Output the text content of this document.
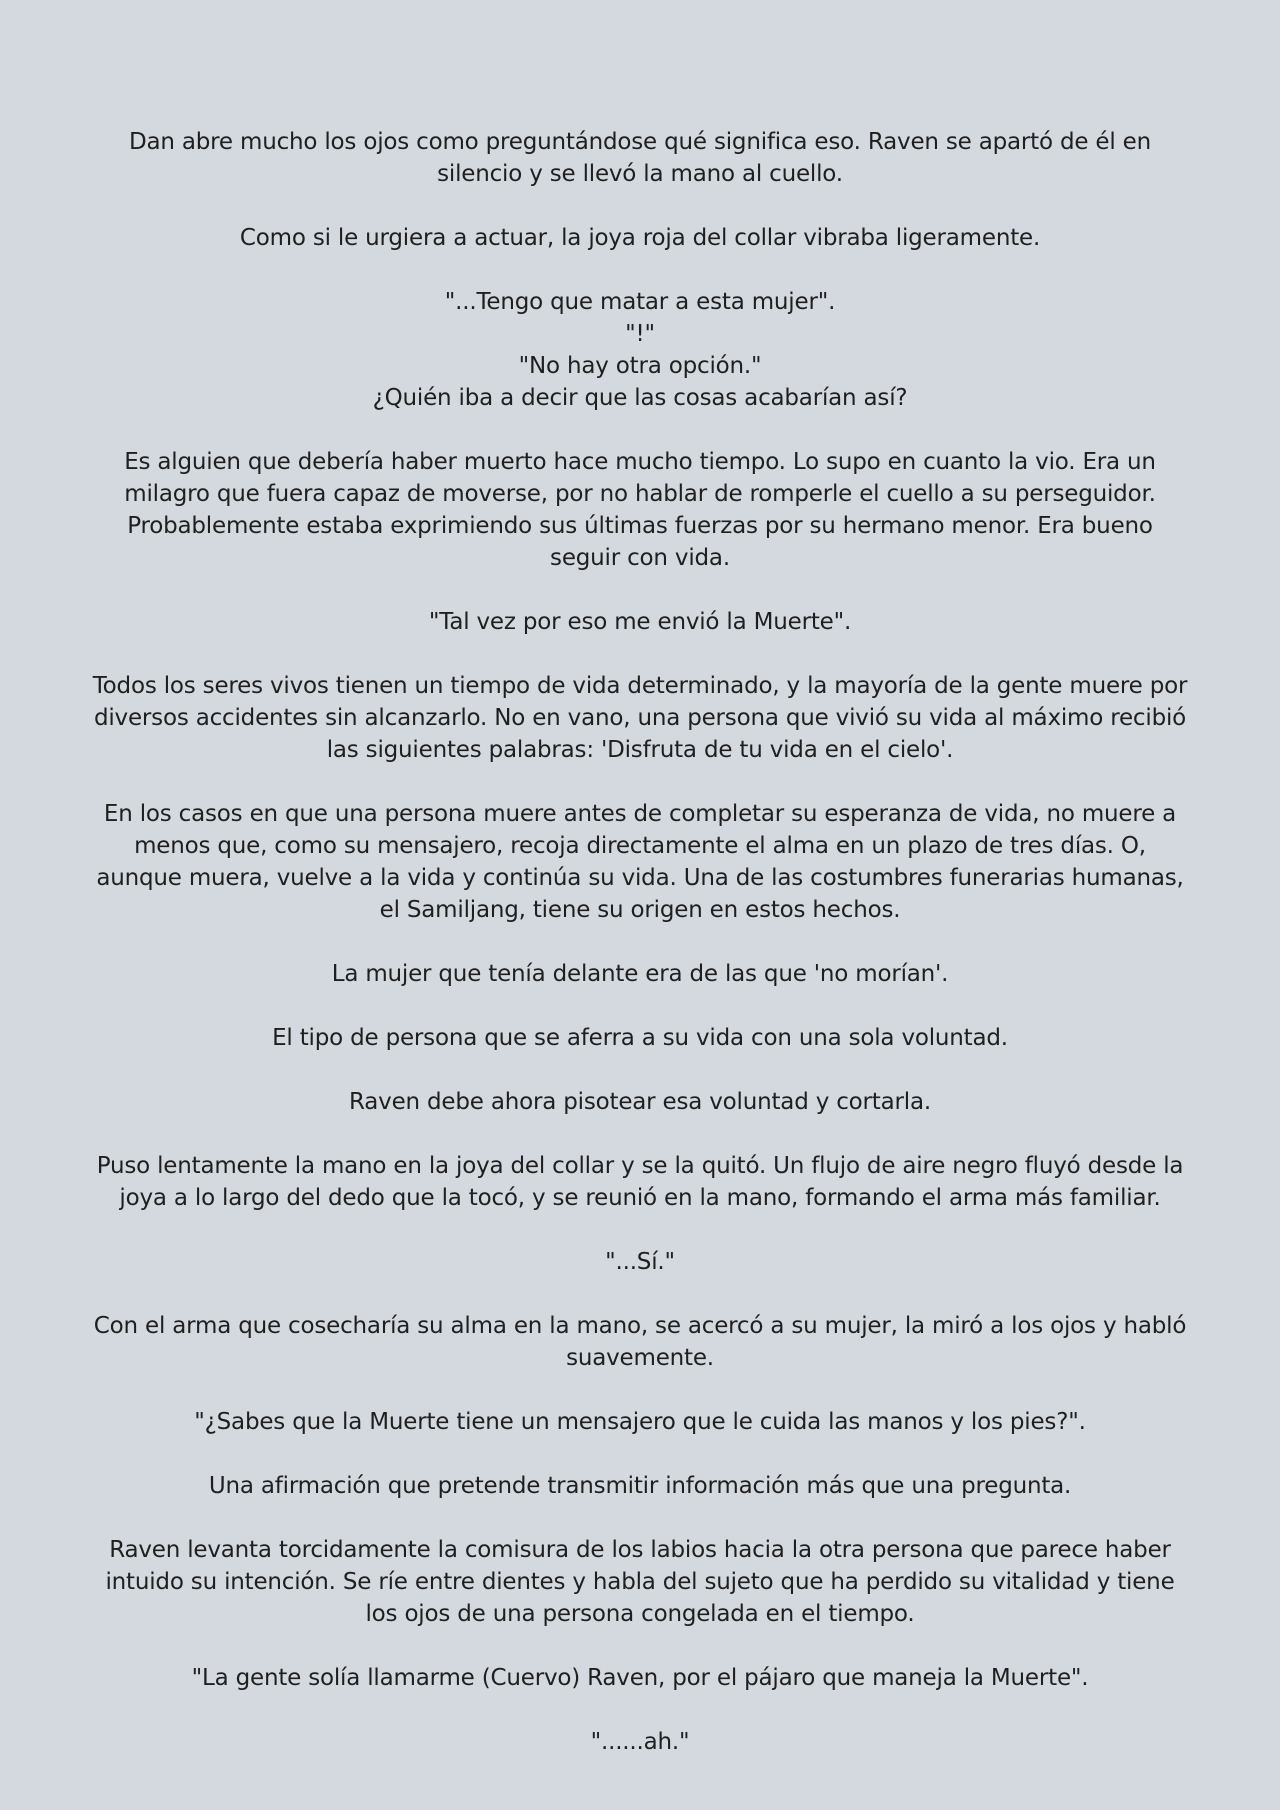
Dan abre mucho los ojos como preguntándose qué significa eso. Raven se apartó de él en silencio y se llevó la mano al cuello.

Como si le urgiera a actuar, la joya roja del collar vibraba ligeramente.

"...Tengo que matar a esta mujer".

"!"

"No hay otra opción."

¿Quién iba a decir que las cosas acabarían así?

Es alguien que debería haber muerto hace mucho tiempo. Lo supo en cuanto la vio. Era un milagro que fuera capaz de moverse, por no hablar de romperle el cuello a su perseguidor. Probablemente estaba exprimiendo sus últimas fuerzas por su hermano menor. Era bueno seguir con vida.

"Tal vez por eso me envió la Muerte".

Todos los seres vivos tienen un tiempo de vida determinado, y la mayoría de la gente muere por diversos accidentes sin alcanzarlo. No en vano, una persona que vivió su vida al máximo recibió las siguientes palabras: 'Disfruta de tu vida en el cielo'.

En los casos en que una persona muere antes de completar su esperanza de vida, no muere a menos que, como su mensajero, recoja directamente el alma en un plazo de tres días. O, aunque muera, vuelve a la vida y continúa su vida. Una de las costumbres funerarias humanas, el Samiljang, tiene su origen en estos hechos.

La mujer que tenía delante era de las que 'no morían'.

El tipo de persona que se aferra a su vida con una sola voluntad.

Raven debe ahora pisotear esa voluntad y cortarla.

Puso lentamente la mano en la joya del collar y se la quitó. Un flujo de aire negro fluyó desde la joya a lo largo del dedo que la tocó, y se reunió en la mano, formando el arma más familiar.

"...Sí."

Con el arma que cosecharía su alma en la mano, se acercó a su mujer, la miró a los ojos y habló suavemente.

"¿Sabes que la Muerte tiene un mensajero que le cuida las manos y los pies?".

Una afirmación que pretende transmitir información más que una pregunta.

Raven levanta torcidamente la comisura de los labios hacia la otra persona que parece haber intuido su intención. Se ríe entre dientes y habla del sujeto que ha perdido su vitalidad y tiene los ojos de una persona congelada en el tiempo.

"La gente solía llamarme (Cuervo) Raven, por el pájaro que maneja la Muerte".

"......ah."
